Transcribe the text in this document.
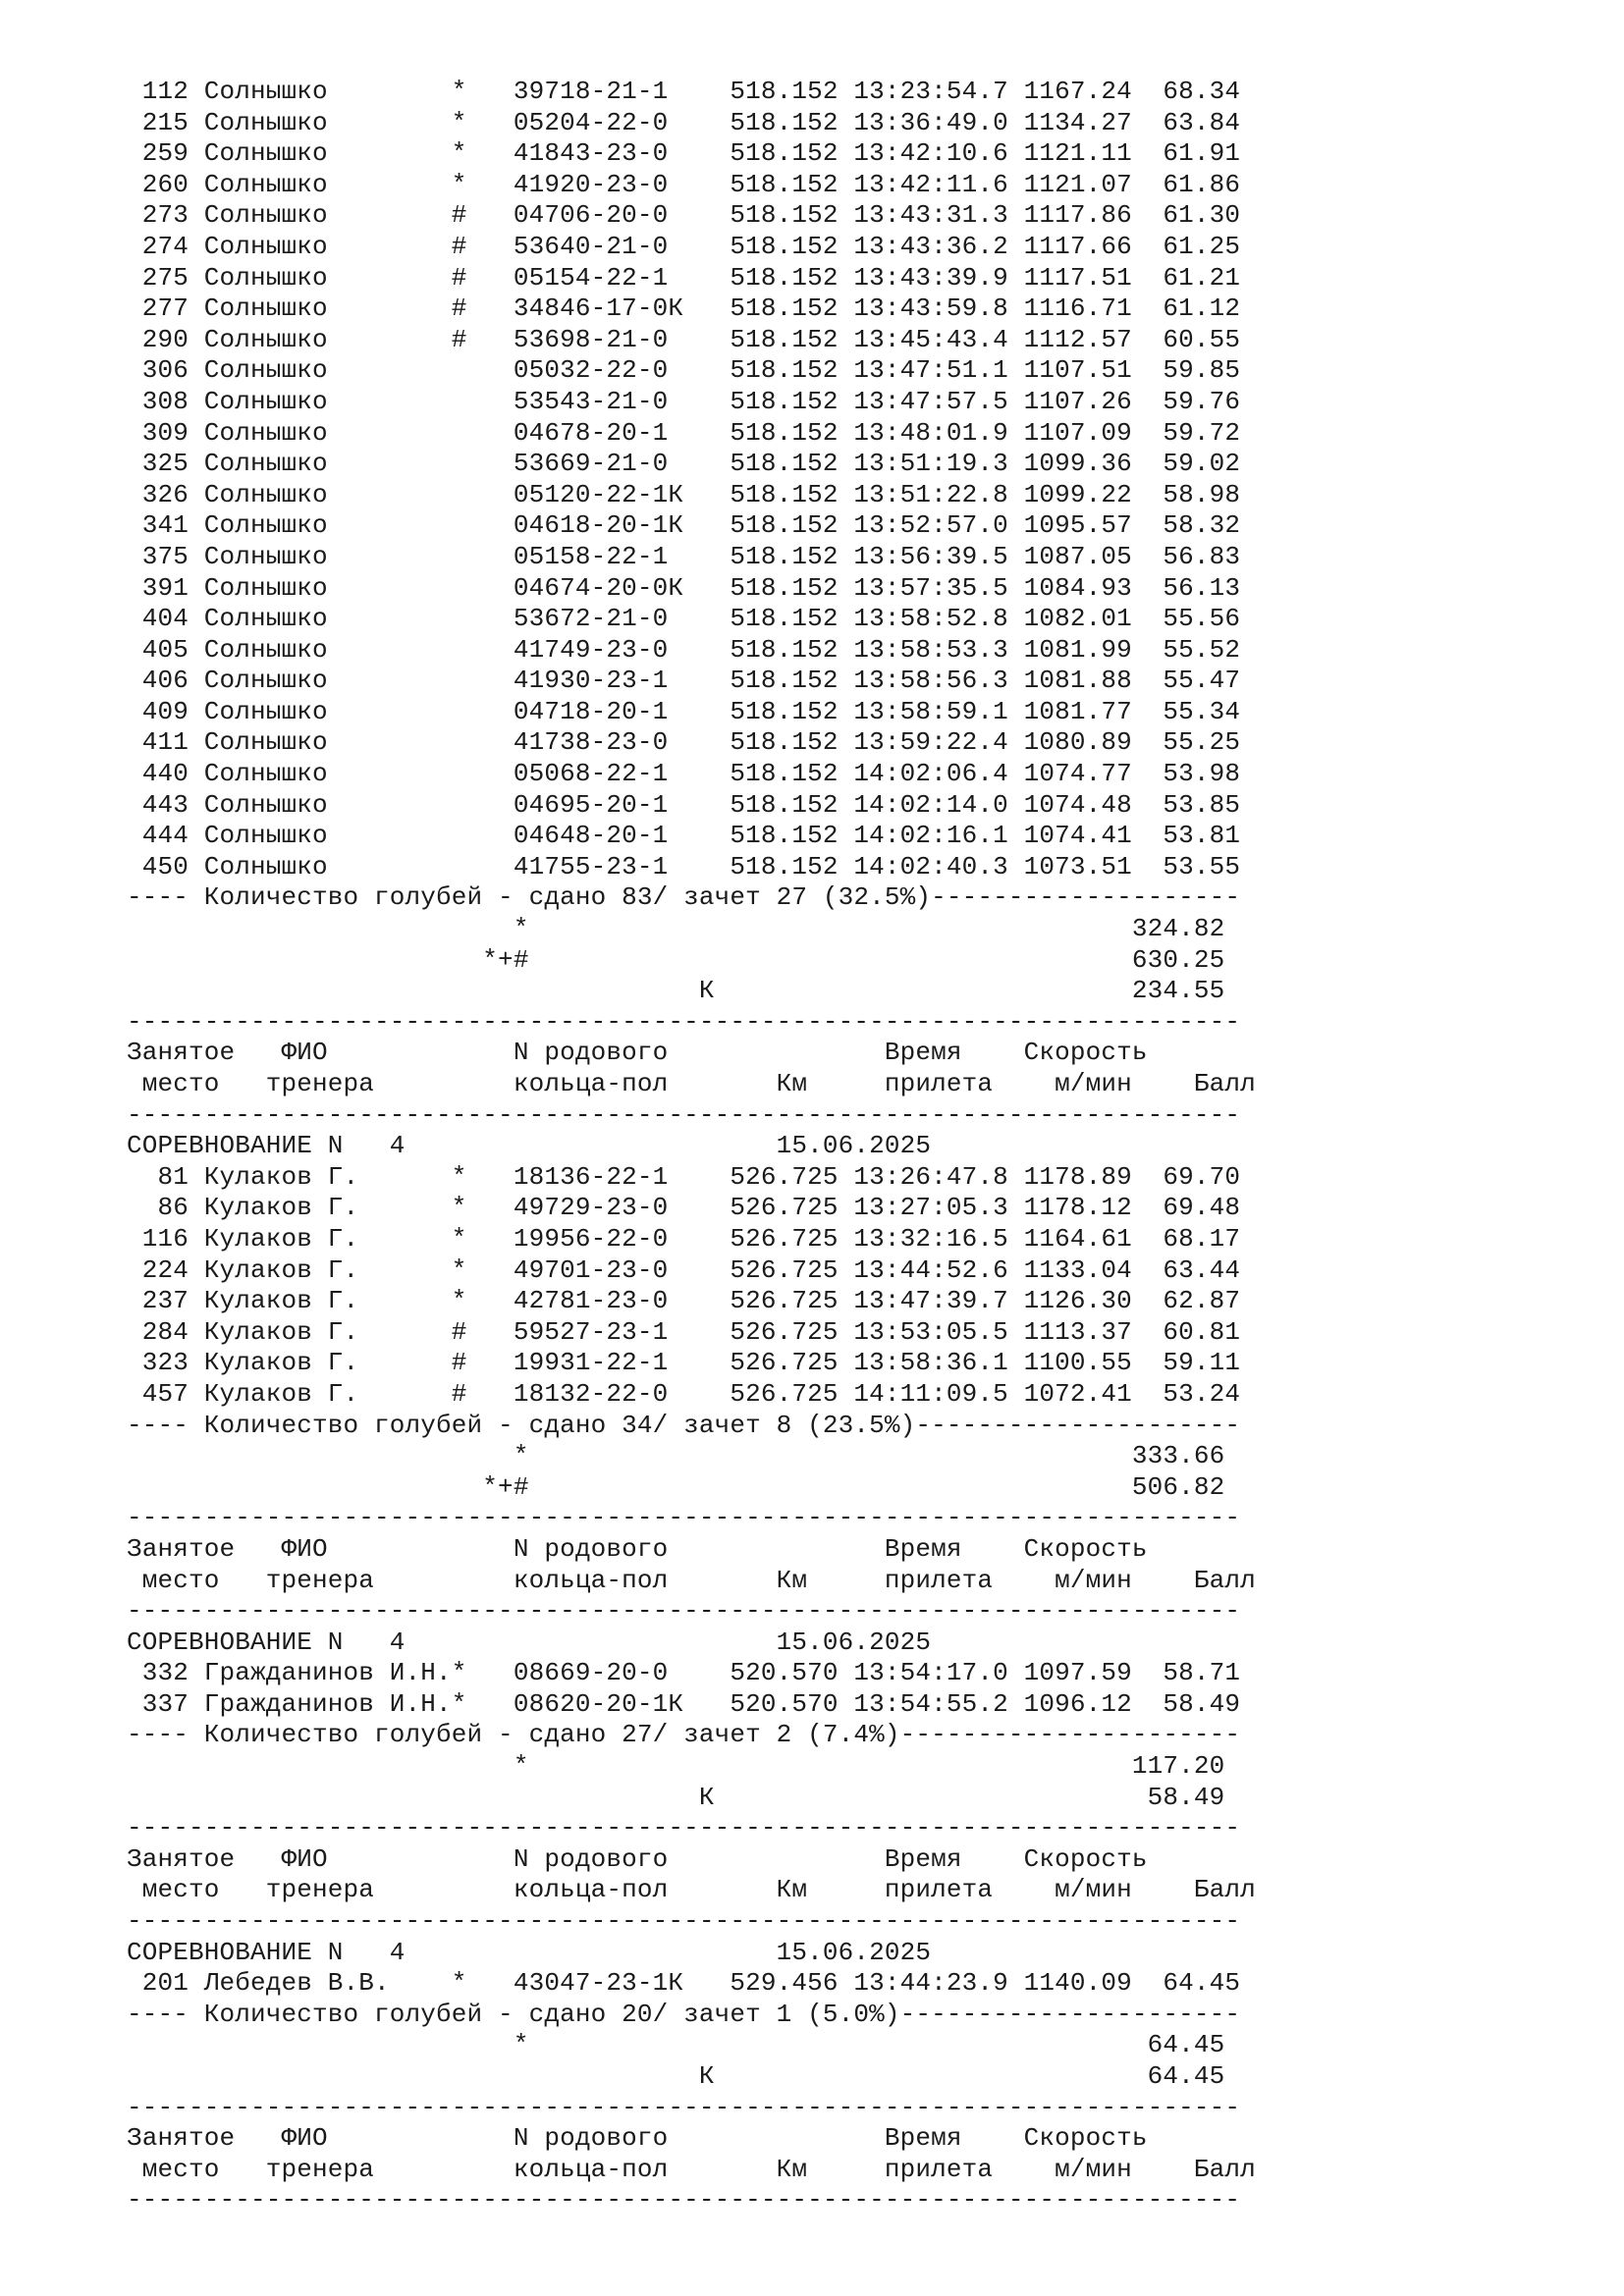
112 Солнышко        *   39718-21-1    518.152 13:23:54.7 1167.24  68.34
215 Солнышко        *   05204-22-0    518.152 13:36:49.0 1134.27  63.84
259 Солнышко        *   41843-23-0    518.152 13:42:10.6 1121.11  61.91
260 Солнышко        *   41920-23-0    518.152 13:42:11.6 1121.07  61.86
273 Солнышко        #   04706-20-0    518.152 13:43:31.3 1117.86  61.30
274 Солнышко        #   53640-21-0    518.152 13:43:36.2 1117.66  61.25
275 Солнышко        #   05154-22-1    518.152 13:43:39.9 1117.51  61.21
277 Солнышко        #   34846-17-0К   518.152 13:43:59.8 1116.71  61.12
290 Солнышко        #   53698-21-0    518.152 13:45:43.4 1112.57  60.55
306 Солнышко            05032-22-0    518.152 13:47:51.1 1107.51  59.85
308 Солнышко            53543-21-0    518.152 13:47:57.5 1107.26  59.76
309 Солнышко            04678-20-1    518.152 13:48:01.9 1107.09  59.72
325 Солнышко            53669-21-0    518.152 13:51:19.3 1099.36  59.02
326 Солнышко            05120-22-1К   518.152 13:51:22.8 1099.22  58.98
341 Солнышко            04618-20-1К   518.152 13:52:57.0 1095.57  58.32
375 Солнышко            05158-22-1    518.152 13:56:39.5 1087.05  56.83
391 Солнышко            04674-20-0К   518.152 13:57:35.5 1084.93  56.13
404 Солнышко            53672-21-0    518.152 13:58:52.8 1082.01  55.56
405 Солнышко            41749-23-0    518.152 13:58:53.3 1081.99  55.52
406 Солнышко            41930-23-1    518.152 13:58:56.3 1081.88  55.47
409 Солнышко            04718-20-1    518.152 13:58:59.1 1081.77  55.34
411 Солнышко            41738-23-0    518.152 13:59:22.4 1080.89  55.25
440 Солнышко            05068-22-1    518.152 14:02:06.4 1074.77  53.98
443 Солнышко            04695-20-1    518.152 14:02:14.0 1074.48  53.85
444 Солнышко            04648-20-1    518.152 14:02:16.1 1074.41  53.81
450 Солнышко            41755-23-1    518.152 14:02:40.3 1073.51  53.55
---- Количество голубей - сдано 83/ зачет 27 (32.5%)--------------------
*                                       324.82
*+#                                       630.25
К                           234.55
------------------------------------------------------------------------
Занятое   ФИО            N родового              Время    Скорость
место   тренера         кольца-пол       Км     прилета    м/мин    Балл
------------------------------------------------------------------------
СОРЕВНОВАНИЕ N   4                        15.06.2025
81 Кулаков Г.      *   18136-22-1    526.725 13:26:47.8 1178.89  69.70
86 Кулаков Г.      *   49729-23-0    526.725 13:27:05.3 1178.12  69.48
116 Кулаков Г.      *   19956-22-0    526.725 13:32:16.5 1164.61  68.17
224 Кулаков Г.      *   49701-23-0    526.725 13:44:52.6 1133.04  63.44
237 Кулаков Г.      *   42781-23-0    526.725 13:47:39.7 1126.30  62.87
284 Кулаков Г.      #   59527-23-1    526.725 13:53:05.5 1113.37  60.81
323 Кулаков Г.      #   19931-22-1    526.725 13:58:36.1 1100.55  59.11
457 Кулаков Г.      #   18132-22-0    526.725 14:11:09.5 1072.41  53.24
---- Количество голубей - сдано 34/ зачет 8 (23.5%)---------------------
*                                       333.66
*+#                                       506.82
------------------------------------------------------------------------
Занятое   ФИО            N родового              Время    Скорость
место   тренера         кольца-пол       Км     прилета    м/мин    Балл
------------------------------------------------------------------------
СОРЕВНОВАНИЕ N   4                        15.06.2025
332 Гражданинов И.Н.*   08669-20-0    520.570 13:54:17.0 1097.59  58.71
337 Гражданинов И.Н.*   08620-20-1К   520.570 13:54:55.2 1096.12  58.49
---- Количество голубей - сдано 27/ зачет 2 (7.4%)----------------------
*                                       117.20
К                            58.49
------------------------------------------------------------------------
Занятое   ФИО            N родового              Время    Скорость
место   тренера         кольца-пол       Км     прилета    м/мин    Балл
------------------------------------------------------------------------
СОРЕВНОВАНИЕ N   4                        15.06.2025
201 Лебедев В.В.    *   43047-23-1К   529.456 13:44:23.9 1140.09  64.45
---- Количество голубей - сдано 20/ зачет 1 (5.0%)----------------------
*                                        64.45
К                            64.45
------------------------------------------------------------------------
Занятое   ФИО            N родового              Время    Скорость
место   тренера         кольца-пол       Км     прилета    м/мин    Балл
------------------------------------------------------------------------
